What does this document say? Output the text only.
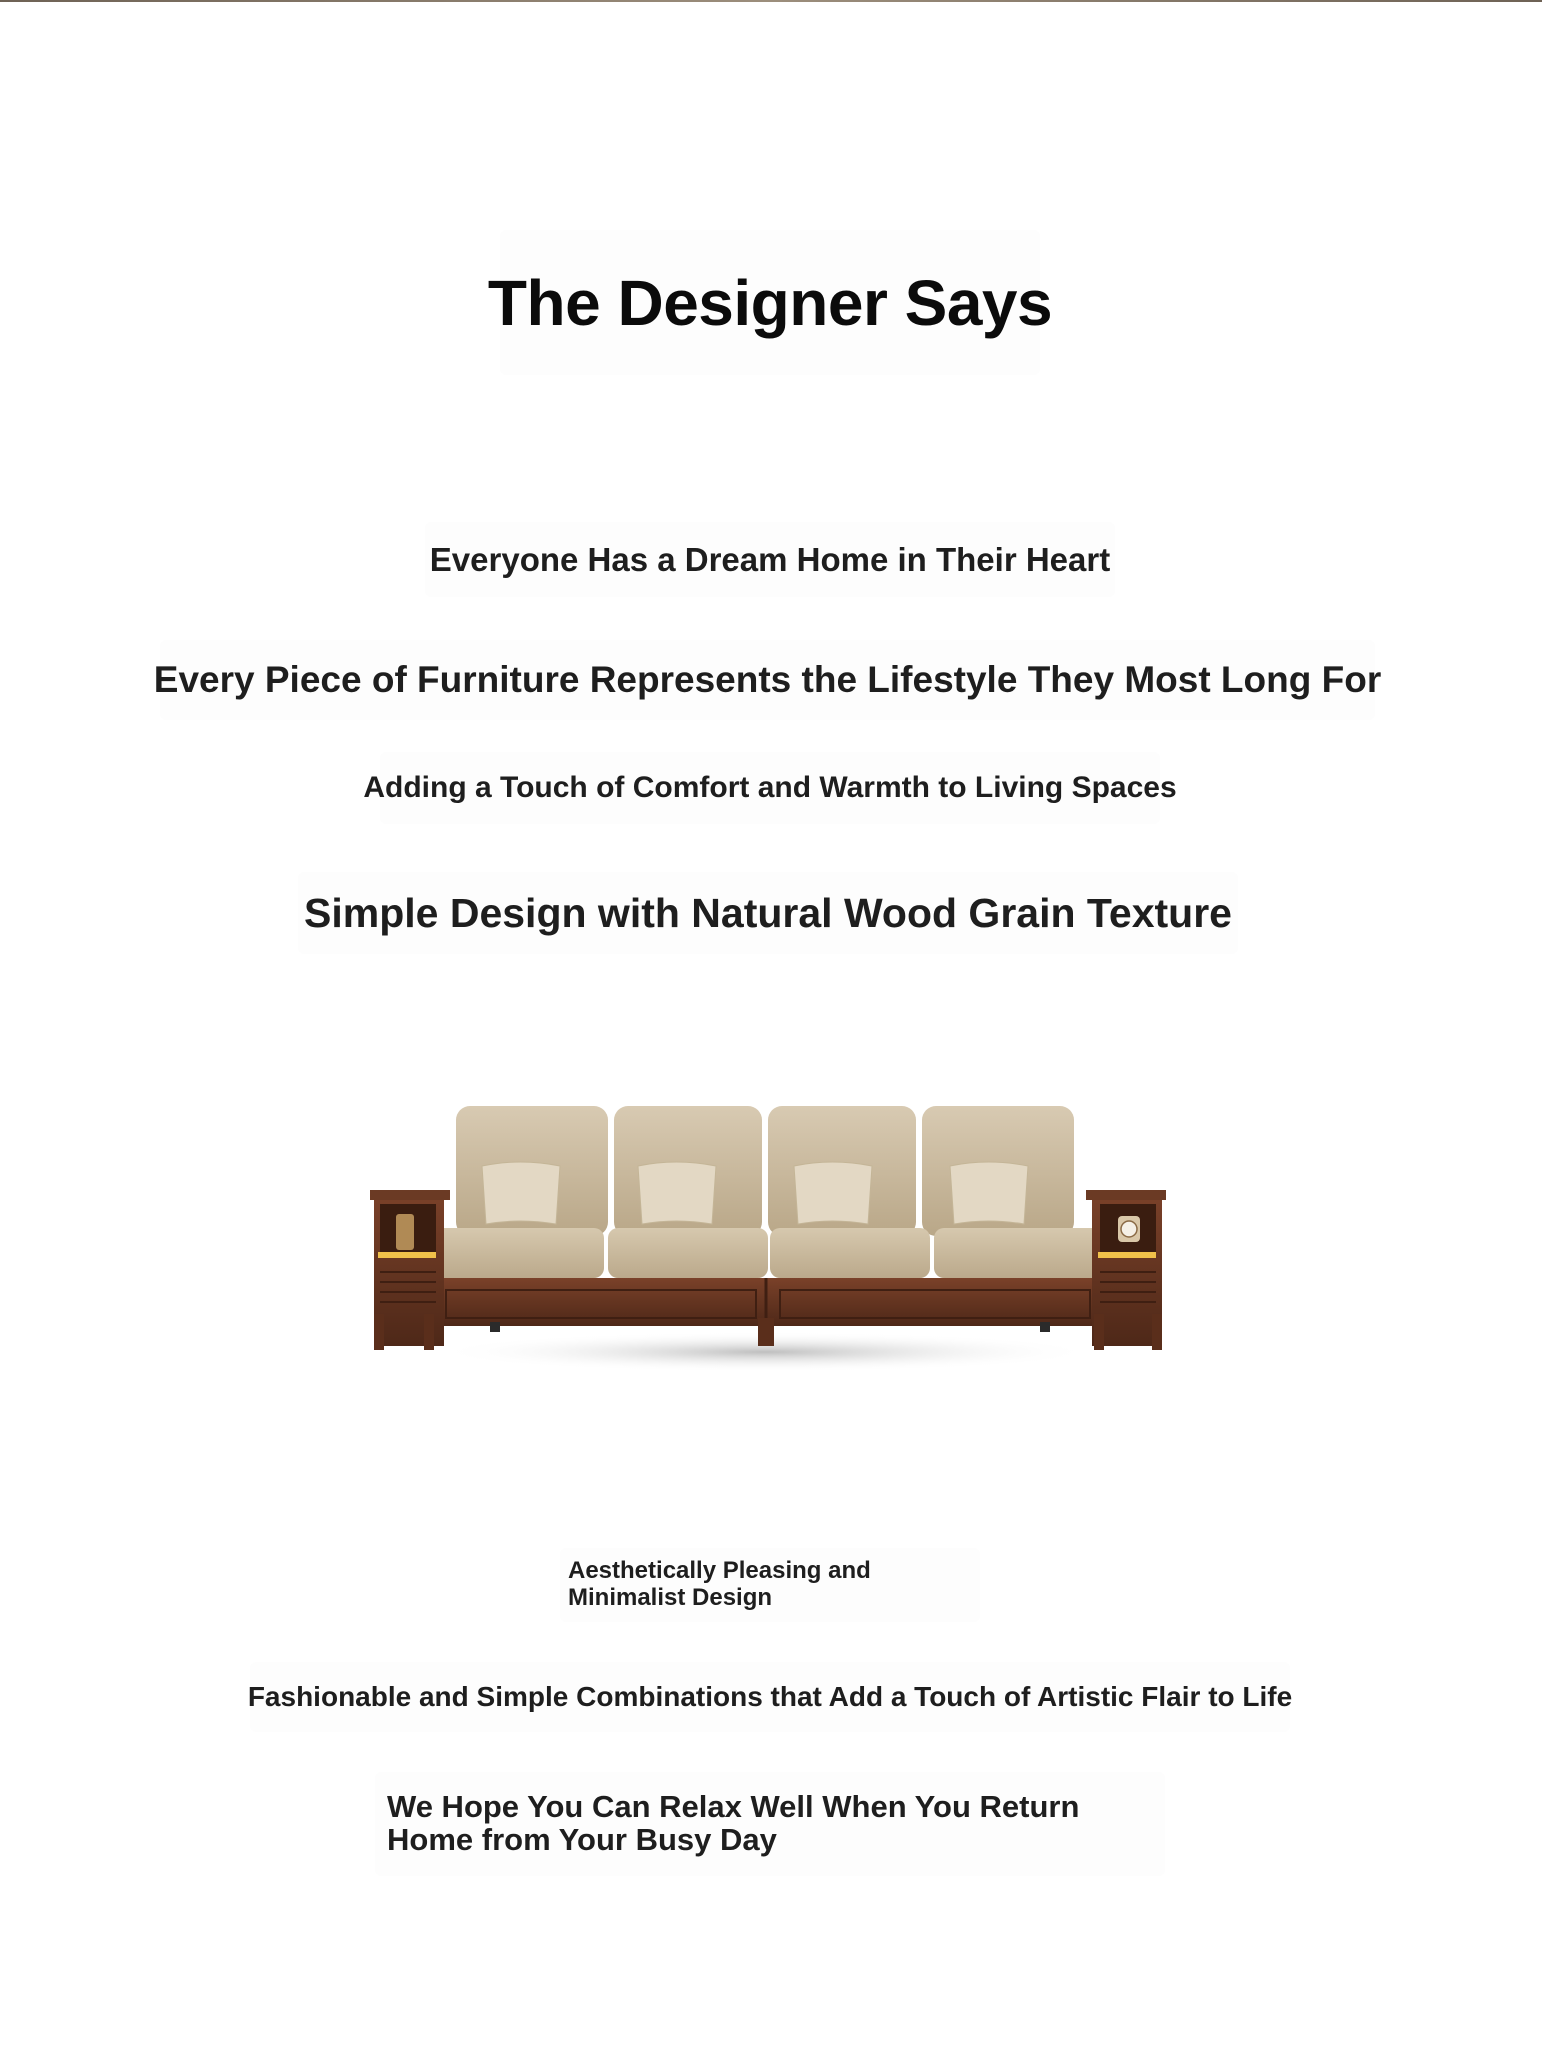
The Designer Says
Everyone Has a Dream Home in Their Heart
Every Piece of Furniture Represents the Lifestyle They Most Long For
Adding a Touch of Comfort and Warmth to Living Spaces
Simple Design with Natural Wood Grain Texture
Aesthetically Pleasing and Minimalist Design
Fashionable and Simple Combinations that Add a Touch of Artistic Flair to Life
We Hope You Can Relax Well When You Return Home from Your Busy Day
